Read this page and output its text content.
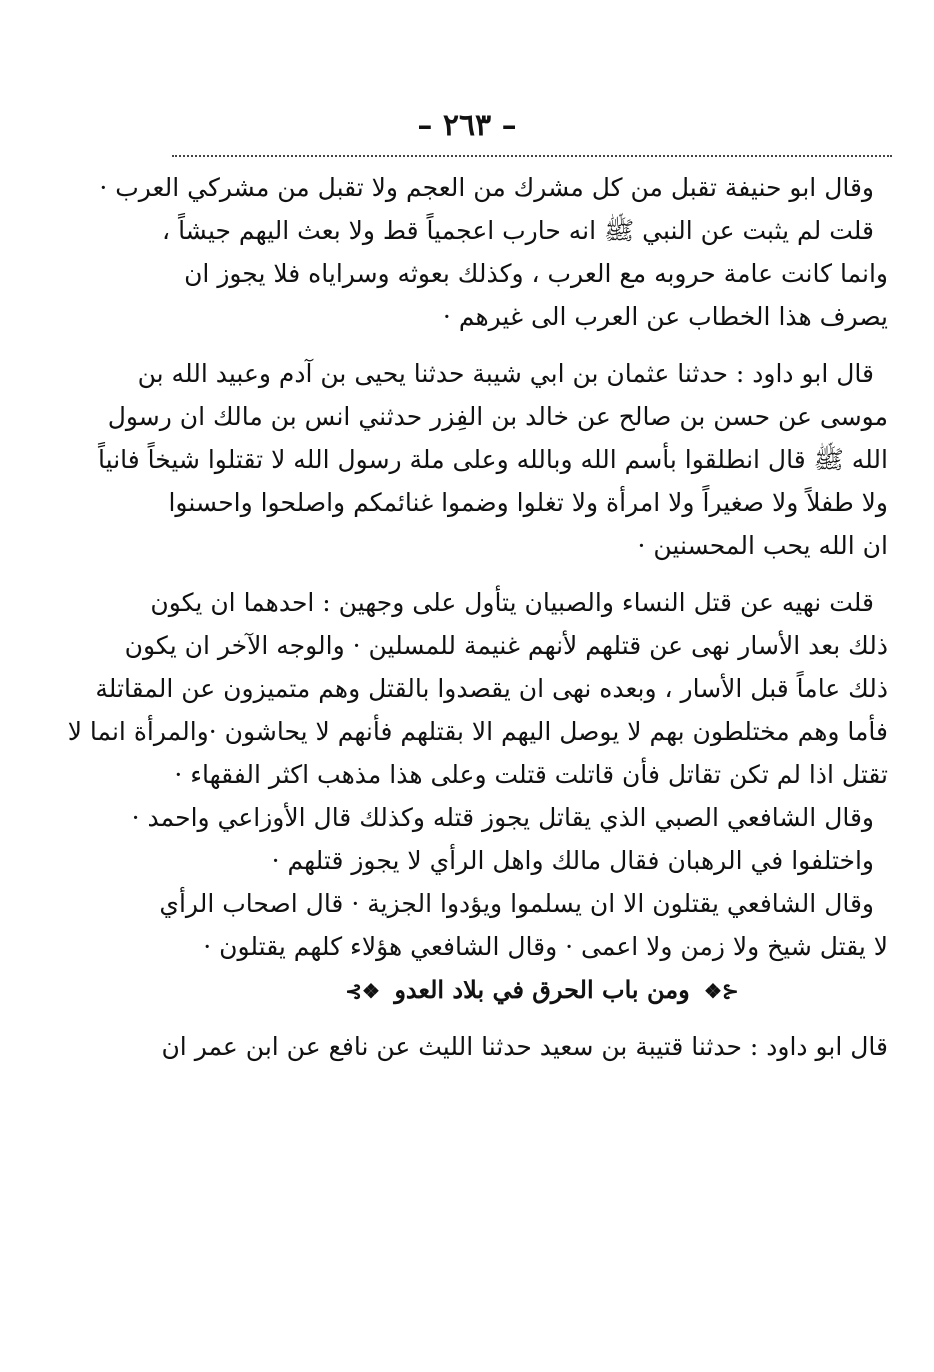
– ٢٦٣ –
وقال ابو حنيفة تقبل من كل مشرك من العجم ولا تقبل من مشركي العرب ·
قلت لم يثبت عن النبي ﷺ انه حارب اعجمياً قط ولا بعث اليهم جيشاً ،
وانما كانت عامة حروبه مع العرب ، وكذلك بعوثه وسراياه فلا يجوز ان
يصرف هذا الخطاب عن العرب الى غيرهم ·
قال ابو داود : حدثنا عثمان بن ابي شيبة حدثنا يحيى بن آدم وعبيد الله بن
موسى عن حسن بن صالح عن خالد بن الفِزر حدثني انس بن مالك ان رسول
الله ﷺ قال انطلقوا بأسم الله وبالله وعلى ملة رسول الله لا تقتلوا شيخاً فانياً
ولا طفلاً ولا صغيراً ولا امرأة ولا تغلوا وضموا غنائمكم واصلحوا واحسنوا
ان الله يحب المحسنين ·
قلت نهيه عن قتل النساء والصبيان يتأول على وجهين : احدهما ان يكون
ذلك بعد الأسار نهى عن قتلهم لأنهم غنيمة للمسلين · والوجه الآخر ان يكون
ذلك عاماً قبل الأسار ، وبعده نهى ان يقصدوا بالقتل وهم متميزون عن المقاتلة
فأما وهم مختلطون بهم لا يوصل اليهم الا بقتلهم فأنهم لا يحاشون ·والمرأة انما لا
تقتل اذا لم تكن تقاتل فأن قاتلت قتلت وعلى هذا مذهب اكثر الفقهاء ·
وقال الشافعي الصبي الذي يقاتل يجوز قتله وكذلك قال الأوزاعي واحمد ·
واختلفوا في الرهبان فقال مالك واهل الرأي لا يجوز قتلهم ·
وقال الشافعي يقتلون الا ان يسلموا ويؤدوا الجزية · قال اصحاب الرأي
لا يقتل شيخ ولا زمن ولا اعمى · وقال الشافعي هؤلاء كلهم يقتلون ·
⊰❖ ومن باب الحرق في بلاد العدو ❖⊱
قال ابو داود : حدثنا قتيبة بن سعيد حدثنا الليث عن نافع عن ابن عمر ان
